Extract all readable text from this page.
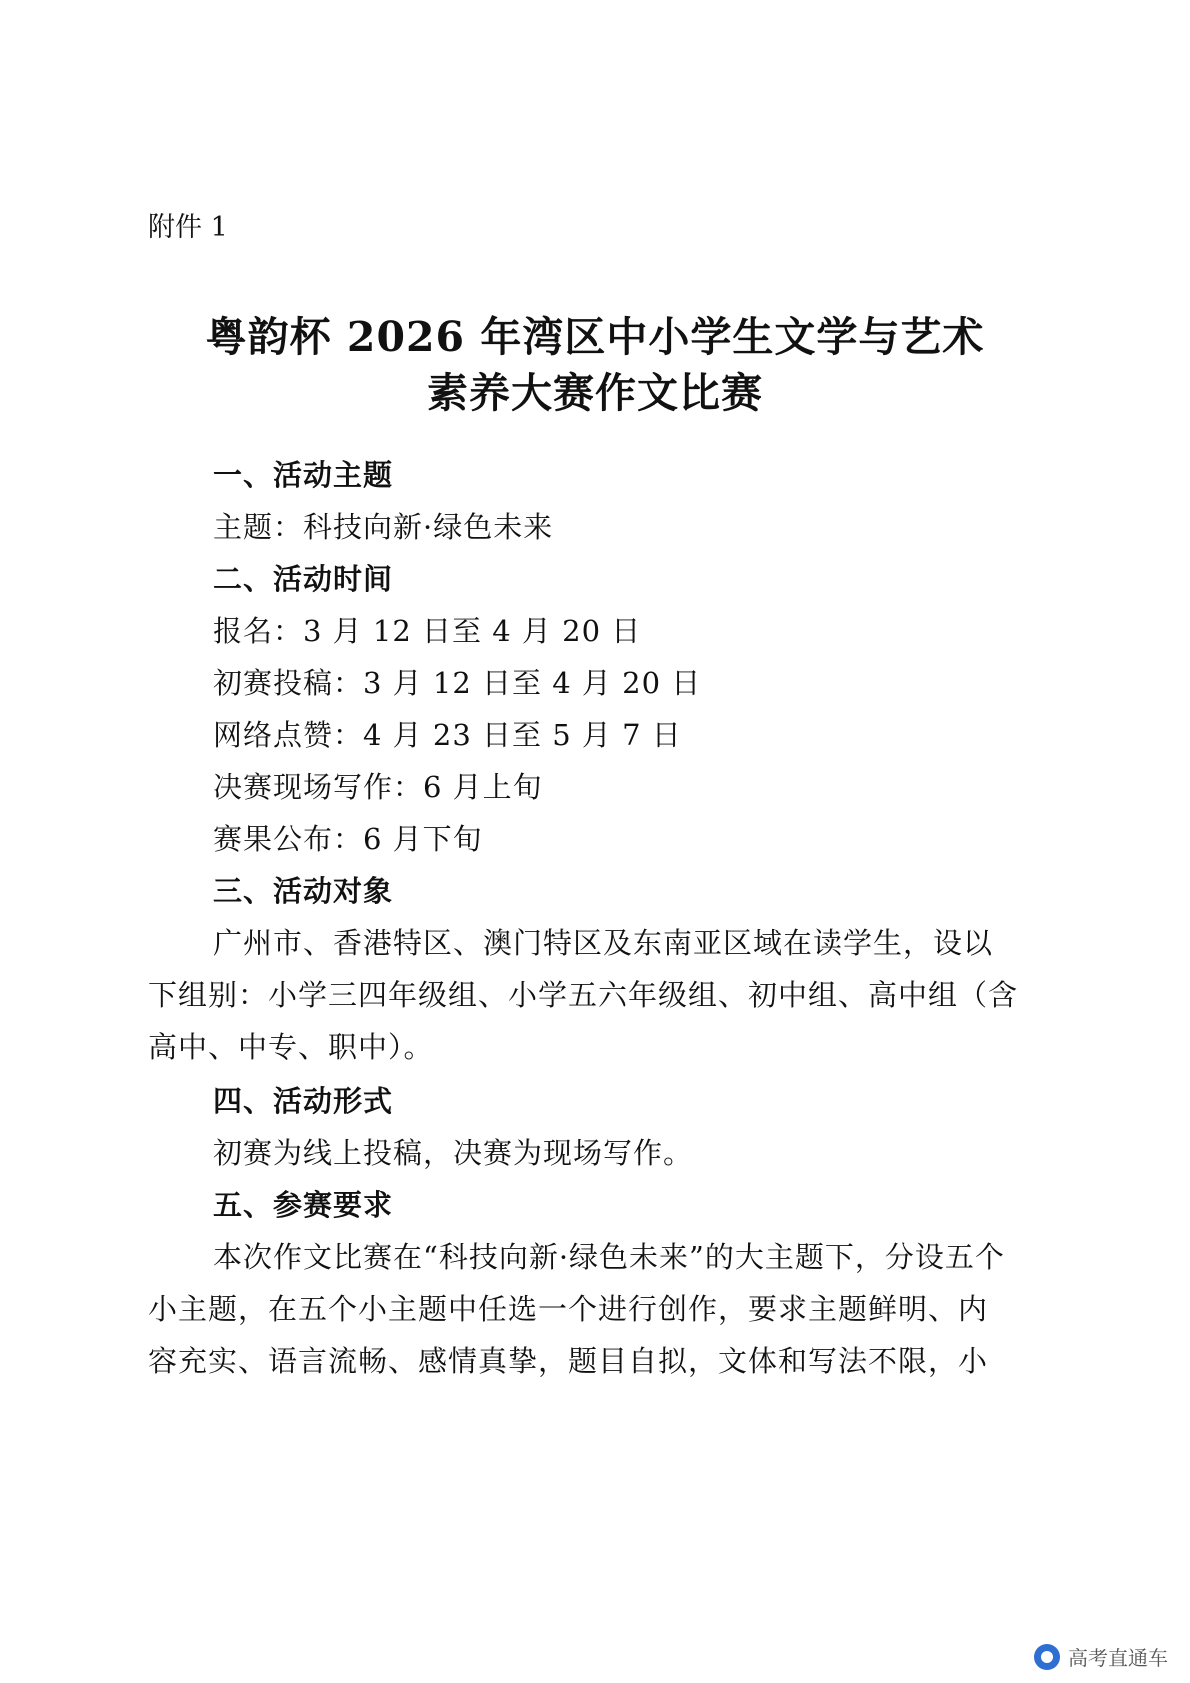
附件 1
粤韵杯 2026 年湾区中小学生文学与艺术
素养大赛作文比赛
一、活动主题
主题：科技向新·绿色未来
二、活动时间
报名：3 月 12 日至 4 月 20 日
初赛投稿：3 月 12 日至 4 月 20 日
网络点赞：4 月 23 日至 5 月 7 日
决赛现场写作：6 月上旬
赛果公布：6 月下旬
三、活动对象
广州市、香港特区、澳门特区及东南亚区域在读学生，设以
下组别：小学三四年级组、小学五六年级组、初中组、高中组（含
高中、中专、职中）。
四、活动形式
初赛为线上投稿，决赛为现场写作。
五、参赛要求
本次作文比赛在“科技向新·绿色未来”的大主题下，分设五个
小主题，在五个小主题中任选一个进行创作，要求主题鲜明、内
容充实、语言流畅、感情真挚，题目自拟，文体和写法不限，小
高考直通车
